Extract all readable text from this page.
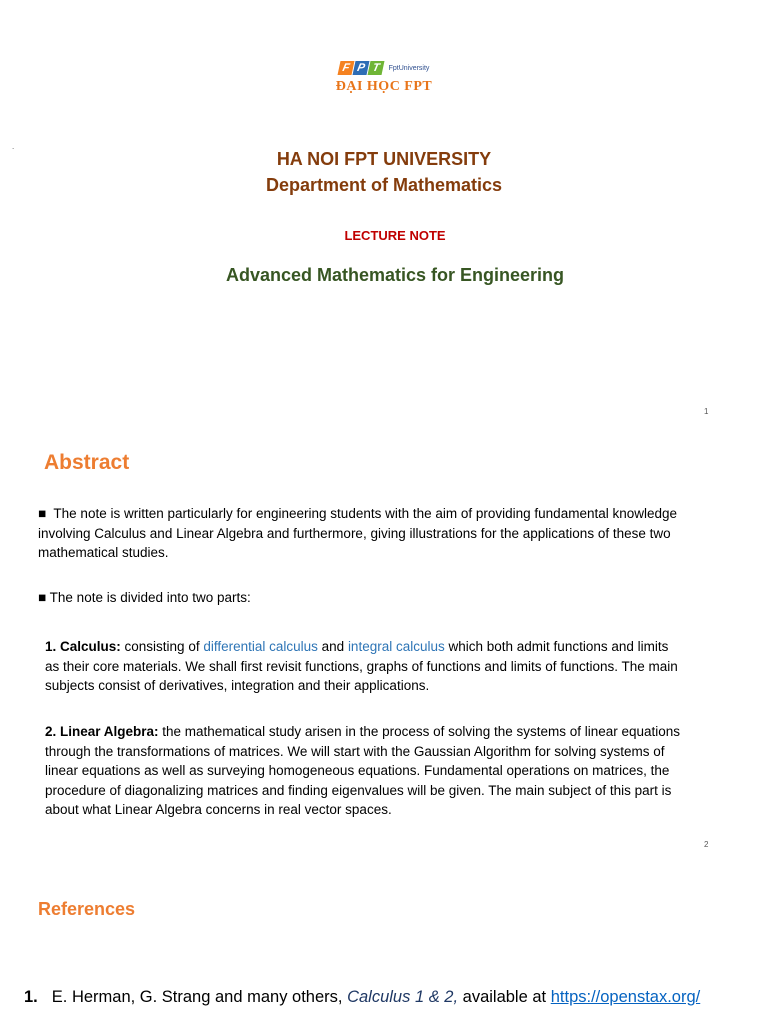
F P T	FptUniversity
ĐẠI HỌC FPT
.
HA NOI FPT UNIVERSITY
Department of Mathematics
LECTURE NOTE
Advanced Mathematics for Engineering
1
Abstract
■ The note is written particularly for engineering students with the aim of providing fundamental knowledge involving Calculus and Linear Algebra and furthermore, giving illustrations for the applications of these two mathematical studies.
■ The note is divided into two parts:
1. Calculus: consisting of differential calculus and integral calculus which both admit functions and limits as their core materials. We shall first revisit functions, graphs of functions and limits of functions. The main subjects consist of derivatives, integration and their applications.
2. Linear Algebra: the mathematical study arisen in the process of solving the systems of linear equations through the transformations of matrices. We will start with the Gaussian Algorithm for solving systems of linear equations as well as surveying homogeneous equations. Fundamental operations on matrices, the procedure of diagonalizing matrices and finding eigenvalues will be given. The main subject of this part is about what Linear Algebra concerns in real vector spaces.
2
References
1. E. Herman, G. Strang and many others, Calculus 1 & 2, available at https://openstax.org/
